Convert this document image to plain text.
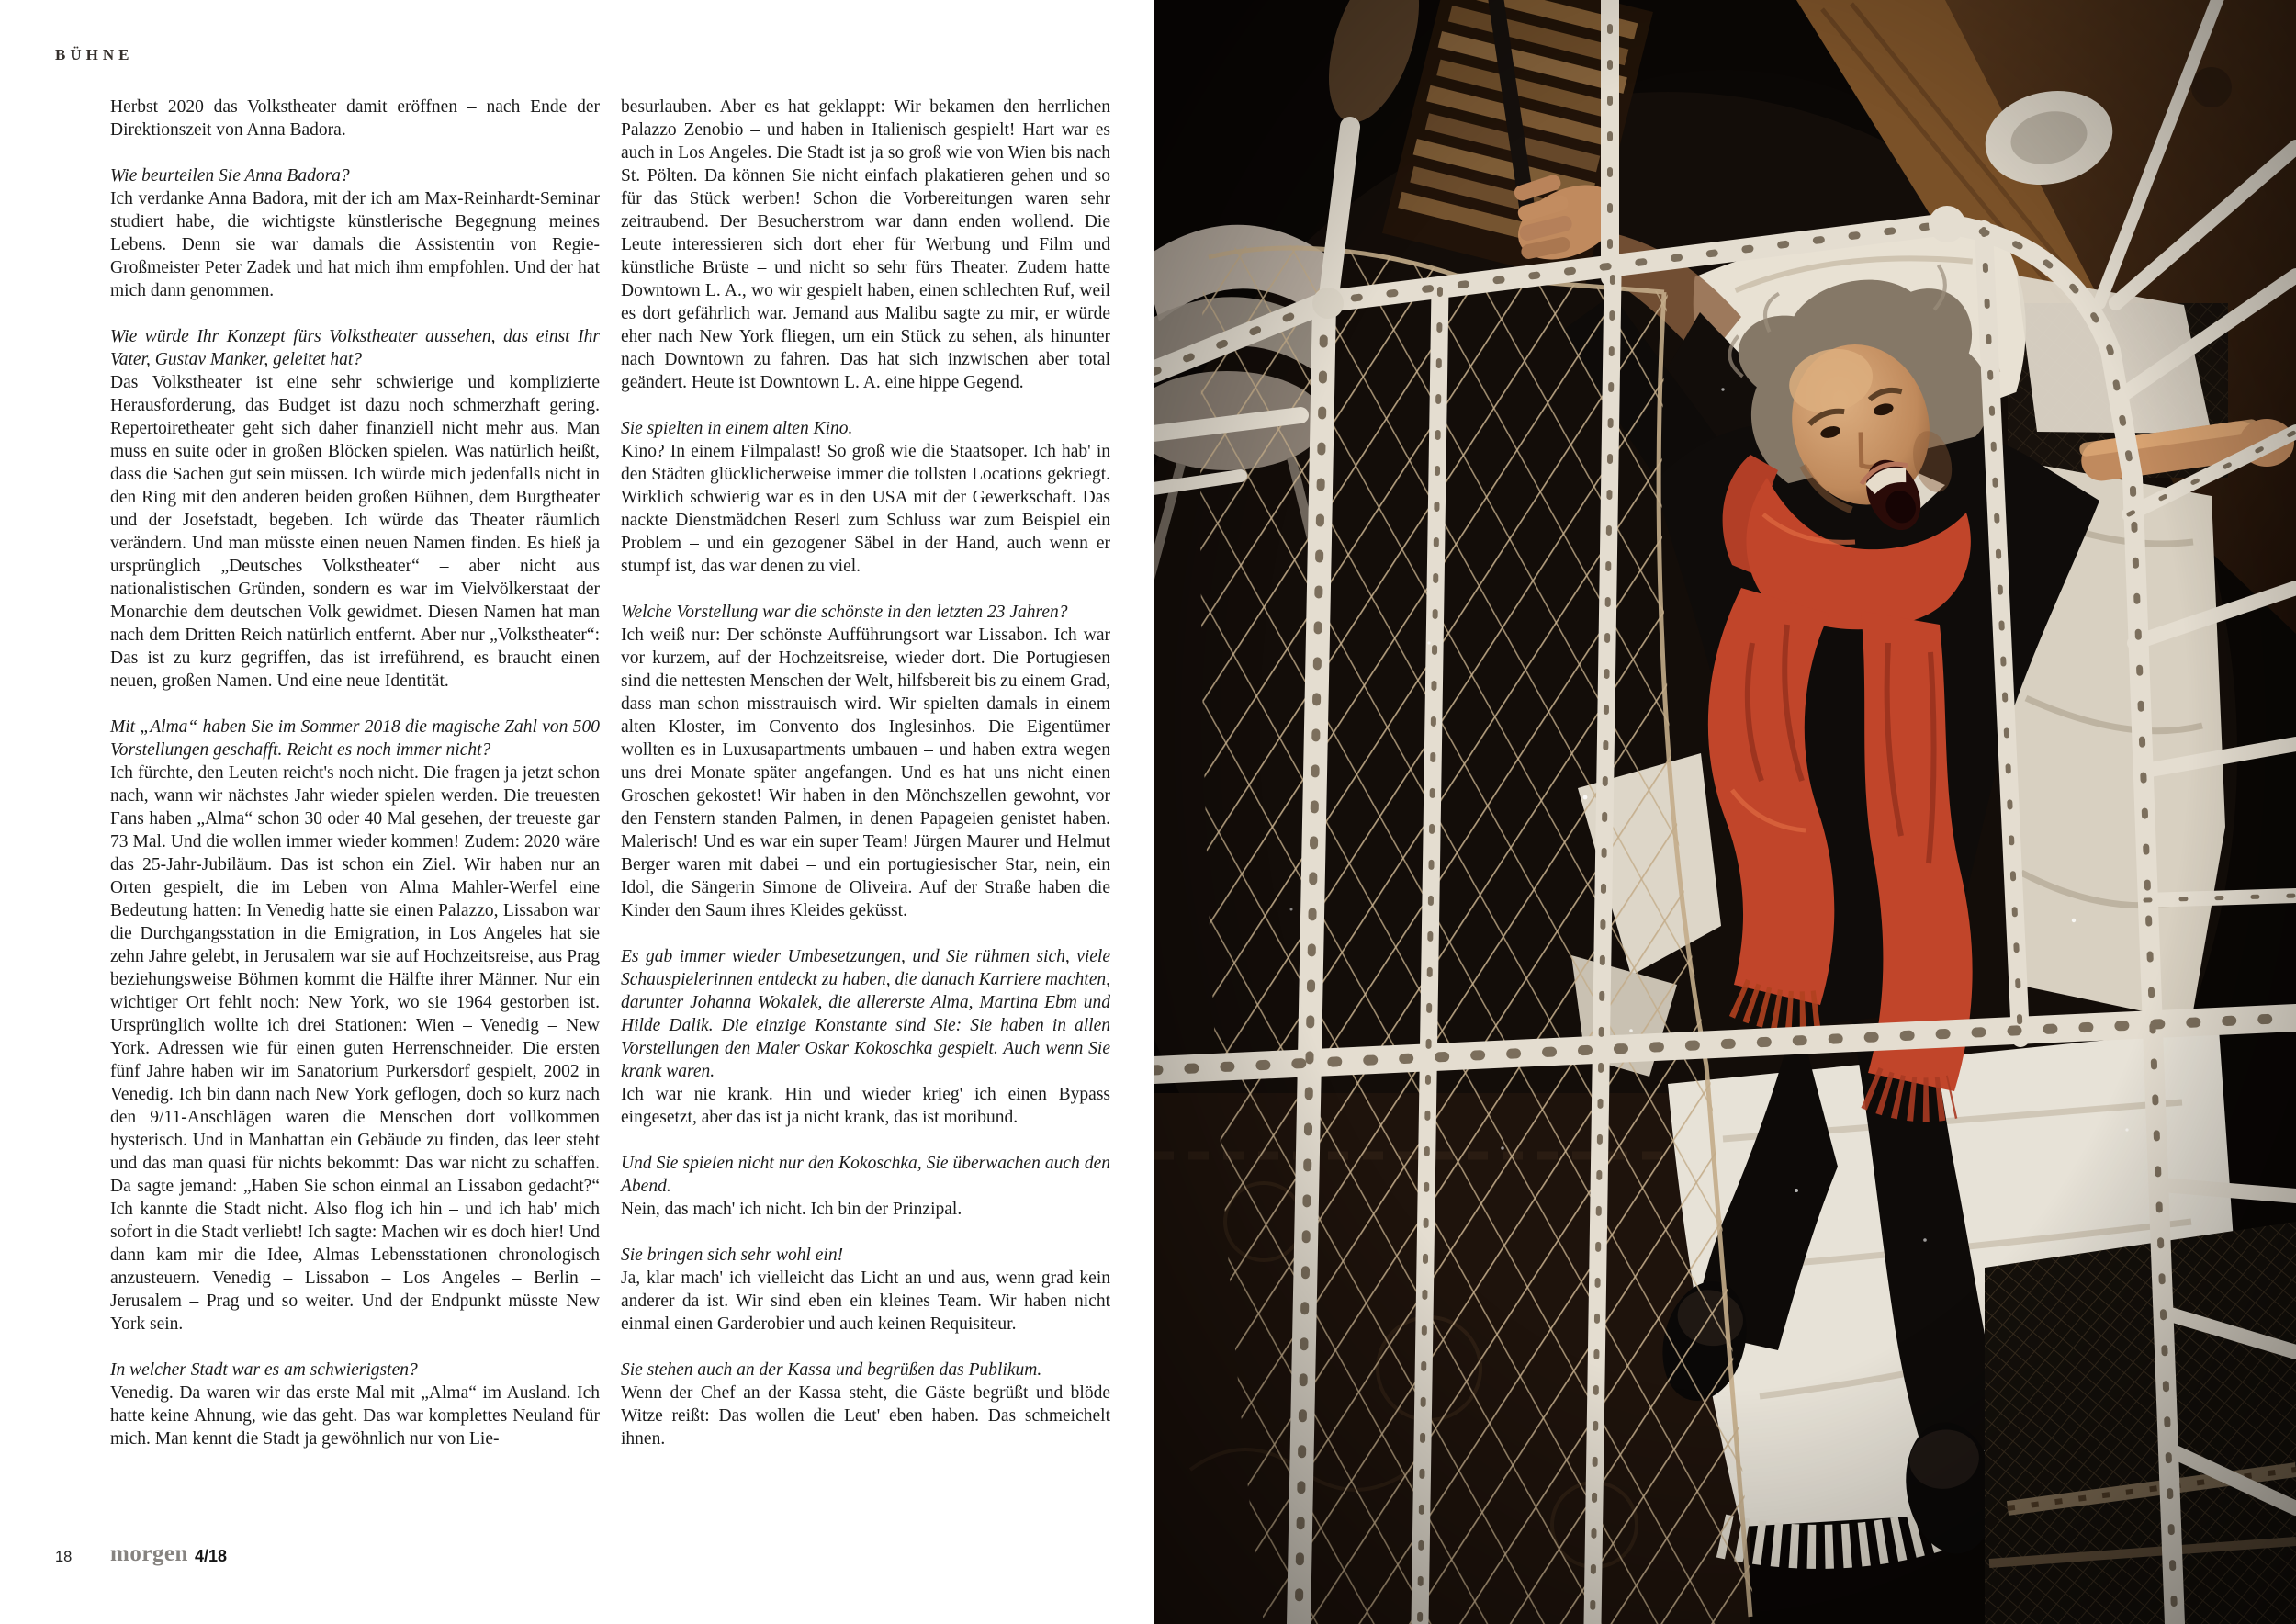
BÜHNE

Herbst 2020 das Volkstheater damit eröffnen – nach Ende der Direktionszeit von Anna Badora.

Wie beurteilen Sie Anna Badora?

Ich verdanke Anna Badora, mit der ich am Max-Reinhardt-Seminar studiert habe, die wichtigste künstlerische Begegnung meines Lebens. Denn sie war damals die Assistentin von Regie-Großmeister Peter Zadek und hat mich ihm empfohlen. Und der hat mich dann genommen.

Wie würde Ihr Konzept fürs Volkstheater aussehen, das einst Ihr Vater, Gustav Manker, geleitet hat?

Das Volkstheater ist eine sehr schwierige und komplizierte Herausforderung, das Budget ist dazu noch schmerzhaft gering. Repertoiretheater geht sich daher finanziell nicht mehr aus. Man muss en suite oder in großen Blöcken spielen. Was natürlich heißt, dass die Sachen gut sein müssen. Ich würde mich jedenfalls nicht in den Ring mit den anderen beiden großen Bühnen, dem Burgtheater und der Josefstadt, begeben. Ich würde das Theater räumlich verändern. Und man müsste einen neuen Namen finden. Es hieß ja ursprünglich „Deutsches Volkstheater“ – aber nicht aus nationalistischen Gründen, sondern es war im Vielvölkerstaat der Monarchie dem deutschen Volk gewidmet. Diesen Namen hat man nach dem Dritten Reich natürlich entfernt. Aber nur „Volkstheater“: Das ist zu kurz gegriffen, das ist irreführend, es braucht einen neuen, großen Namen. Und eine neue Identität.

Mit „Alma“ haben Sie im Sommer 2018 die magische Zahl von 500 Vorstellungen geschafft. Reicht es noch immer nicht?

Ich fürchte, den Leuten reicht's noch nicht. Die fragen ja jetzt schon nach, wann wir nächstes Jahr wieder spielen werden. Die treuesten Fans haben „Alma“ schon 30 oder 40 Mal gesehen, der treueste gar 73 Mal. Und die wollen immer wieder kommen! Zudem: 2020 wäre das 25-Jahr-Jubiläum. Das ist schon ein Ziel. Wir haben nur an Orten gespielt, die im Leben von Alma Mahler-Werfel eine Bedeutung hatten: In Venedig hatte sie einen Palazzo, Lissabon war die Durchgangsstation in die Emigration, in Los Angeles hat sie zehn Jahre gelebt, in Jerusalem war sie auf Hochzeitsreise, aus Prag beziehungsweise Böhmen kommt die Hälfte ihrer Männer. Nur ein wichtiger Ort fehlt noch: New York, wo sie 1964 gestorben ist. Ursprünglich wollte ich drei Stationen: Wien – Venedig – New York. Adressen wie für einen guten Herrenschneider. Die ersten fünf Jahre haben wir im Sanatorium Purkersdorf gespielt, 2002 in Venedig. Ich bin dann nach New York geflogen, doch so kurz nach den 9/11-Anschlägen waren die Menschen dort vollkommen hysterisch. Und in Manhattan ein Gebäude zu finden, das leer steht und das man quasi für nichts bekommt: Das war nicht zu schaffen. Da sagte jemand: „Haben Sie schon einmal an Lissabon gedacht?“ Ich kannte die Stadt nicht. Also flog ich hin – und ich hab' mich sofort in die Stadt verliebt! Ich sagte: Machen wir es doch hier! Und dann kam mir die Idee, Almas Lebensstationen chronologisch anzusteuern. Venedig – Lissabon – Los Angeles – Berlin – Jerusalem – Prag und so weiter. Und der Endpunkt müsste New York sein.

In welcher Stadt war es am schwierigsten?

Venedig. Da waren wir das erste Mal mit „Alma“ im Ausland. Ich hatte keine Ahnung, wie das geht. Das war komplettes Neuland für mich. Man kennt die Stadt ja gewöhnlich nur von Lie-

besurlauben. Aber es hat geklappt: Wir bekamen den herrlichen Palazzo Zenobio – und haben in Italienisch gespielt! Hart war es auch in Los Angeles. Die Stadt ist ja so groß wie von Wien bis nach St. Pölten. Da können Sie nicht einfach plakatieren gehen und so für das Stück werben! Schon die Vorbereitungen waren sehr zeitraubend. Der Besucherstrom war dann enden wollend. Die Leute interessieren sich dort eher für Werbung und Film und künstliche Brüste – und nicht so sehr fürs Theater. Zudem hatte Downtown L. A., wo wir gespielt haben, einen schlechten Ruf, weil es dort gefährlich war. Jemand aus Malibu sagte zu mir, er würde eher nach New York fliegen, um ein Stück zu sehen, als hinunter nach Downtown zu fahren. Das hat sich inzwischen aber total geändert. Heute ist Downtown L. A. eine hippe Gegend.

Sie spielten in einem alten Kino.

Kino? In einem Filmpalast! So groß wie die Staatsoper. Ich hab' in den Städten glücklicherweise immer die tollsten Locations gekriegt. Wirklich schwierig war es in den USA mit der Gewerkschaft. Das nackte Dienstmädchen Reserl zum Schluss war zum Beispiel ein Problem – und ein gezogener Säbel in der Hand, auch wenn er stumpf ist, das war denen zu viel.

Welche Vorstellung war die schönste in den letzten 23 Jahren?

Ich weiß nur: Der schönste Aufführungsort war Lissabon. Ich war vor kurzem, auf der Hochzeitsreise, wieder dort. Die Portugiesen sind die nettesten Menschen der Welt, hilfsbereit bis zu einem Grad, dass man schon misstrauisch wird. Wir spielten damals in einem alten Kloster, im Convento dos Inglesinhos. Die Eigentümer wollten es in Luxusapartments umbauen – und haben extra wegen uns drei Monate später angefangen. Und es hat uns nicht einen Groschen gekostet! Wir haben in den Mönchszellen gewohnt, vor den Fenstern standen Palmen, in denen Papageien genistet haben. Malerisch! Und es war ein super Team! Jürgen Maurer und Helmut Berger waren mit dabei – und ein portugiesischer Star, nein, ein Idol, die Sängerin Simone de Oliveira. Auf der Straße haben die Kinder den Saum ihres Kleides geküsst.

Es gab immer wieder Umbesetzungen, und Sie rühmen sich, viele Schauspielerinnen entdeckt zu haben, die danach Karriere machten, darunter Johanna Wokalek, die allererste Alma, Martina Ebm und Hilde Dalik. Die einzige Konstante sind Sie: Sie haben in allen Vorstellungen den Maler Oskar Kokoschka gespielt. Auch wenn Sie krank waren.

Ich war nie krank. Hin und wieder krieg' ich einen Bypass eingesetzt, aber das ist ja nicht krank, das ist moribund.

Und Sie spielen nicht nur den Kokoschka, Sie überwachen auch den Abend.

Nein, das mach' ich nicht. Ich bin der Prinzipal.

Sie bringen sich sehr wohl ein!

Ja, klar mach' ich vielleicht das Licht an und aus, wenn grad kein anderer da ist. Wir sind eben ein kleines Team. Wir haben nicht einmal einen Garderobier und auch keinen Requisiteur.

Sie stehen auch an der Kassa und begrüßen das Publikum.

Wenn der Chef an der Kassa steht, die Gäste begrüßt und blöde Witze reißt: Das wollen die Leut' eben haben. Das schmeichelt ihnen.

18 morgen 4/18
